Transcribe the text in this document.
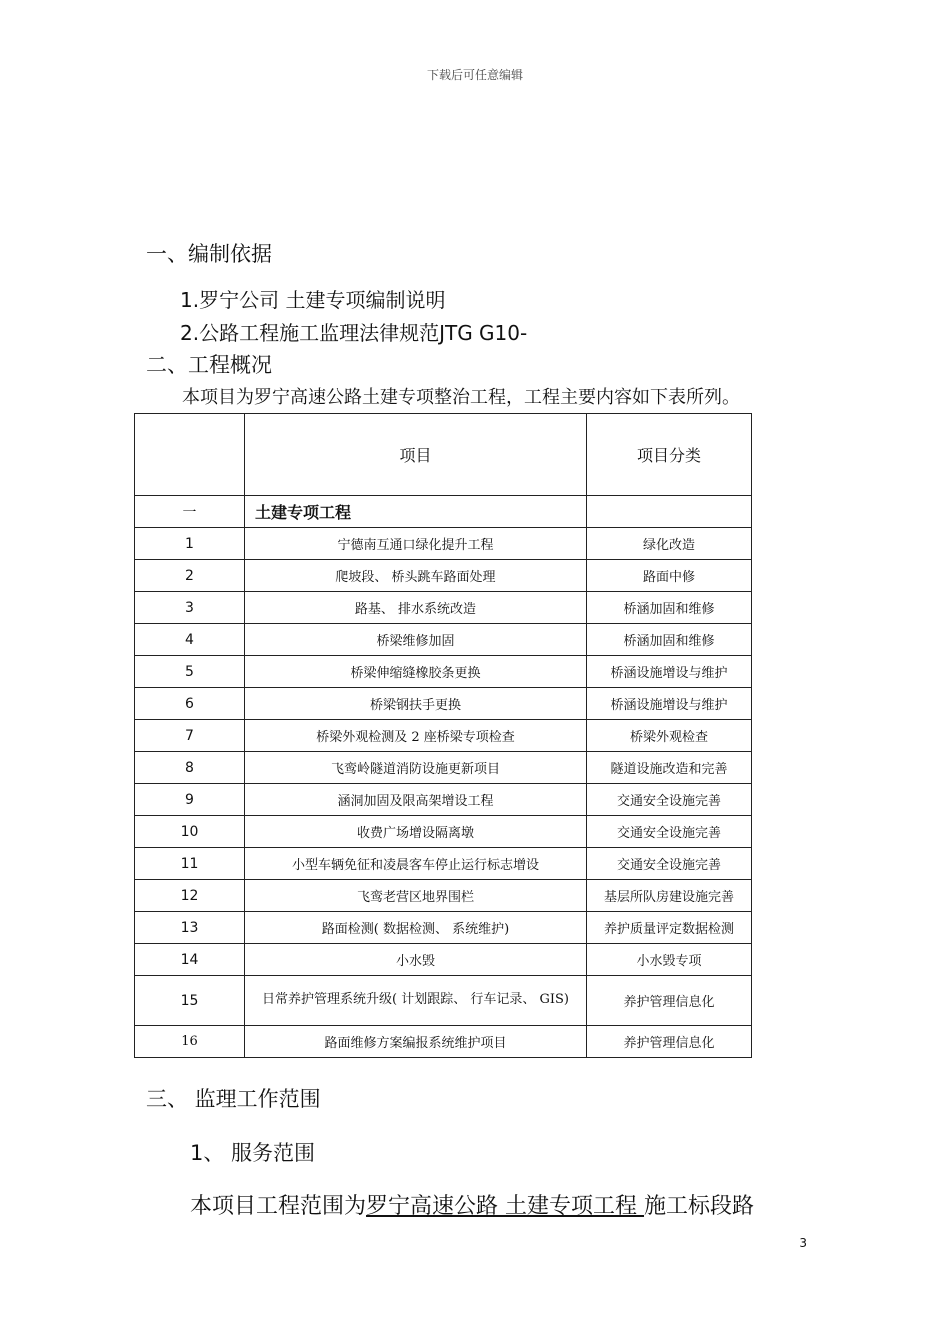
下载后可任意编辑
一、编制依据
1.罗宁公司 土建专项编制说明
2.公路工程施工监理法律规范JTG G10-
二、工程概况
本项目为罗宁高速公路土建专项整治工程，工程主要内容如下表所列。
	项目	项目分类
一	土建专项工程	
1	宁德南互通口绿化提升工程	绿化改造
2	爬坡段、 桥头跳车路面处理	路面中修
3	路基、 排水系统改造	桥涵加固和维修
4	桥梁维修加固	桥涵加固和维修
5	桥梁伸缩缝橡胶条更换	桥涵设施增设与维护
6	桥梁钢扶手更换	桥涵设施增设与维护
7	桥梁外观检测及 2 座桥梁专项检查	桥梁外观检查
8	飞鸾岭隧道消防设施更新项目	隧道设施改造和完善
9	涵洞加固及限高架增设工程	交通安全设施完善
10	收费广场增设隔离墩	交通安全设施完善
11	小型车辆免征和凌晨客车停止运行标志增设	交通安全设施完善
12	飞鸾老营区地界围栏	基层所队房建设施完善
13	路面检测( 数据检测、 系统维护)	养护质量评定数据检测
14	小水毁	小水毁专项
15	日常养护管理系统升级( 计划跟踪、 行车记录、 GIS)	养护管理信息化
16	路面维修方案编报系统维护项目	养护管理信息化
三、 监理工作范围
1、 服务范围
本项目工程范围为罗宁高速公路 土建专项工程 施工标段路
3
